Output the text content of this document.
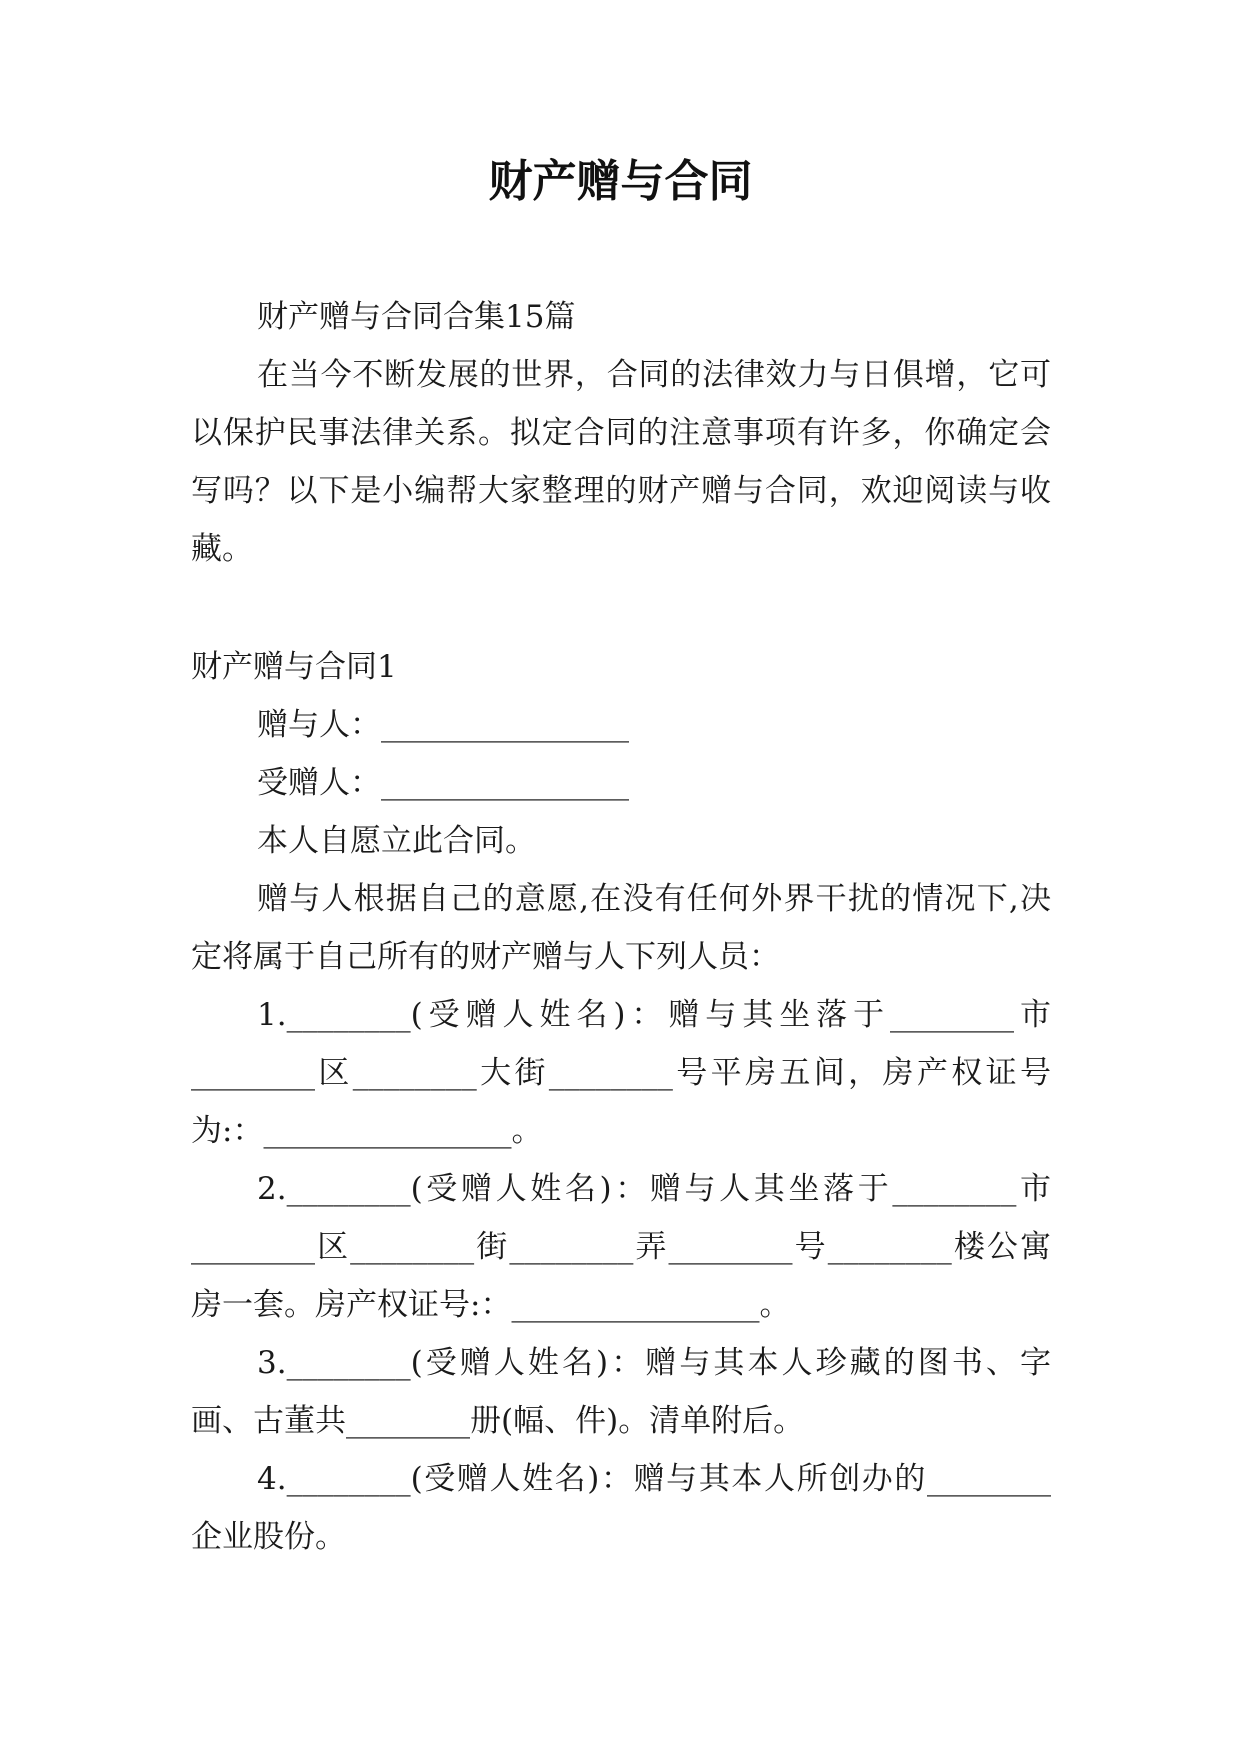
财产赠与合同

财产赠与合同合集15篇

在当今不断发展的世界，合同的法律效力与日俱增，它可以保护民事法律关系。拟定合同的注意事项有许多，你确定会写吗？以下是小编帮大家整理的财产赠与合同，欢迎阅读与收藏。

财产赠与合同1

赠与人：________________

受赠人：________________

本人自愿立此合同。

赠与人根据自己的意愿,在没有任何外界干扰的情况下,决定将属于自己所有的财产赠与人下列人员：

1.________(受赠人姓名)：赠与其坐落于________市________区________大街________号平房五间，房产权证号为:：________________。

2.________(受赠人姓名)：赠与人其坐落于________市________区________街________弄________号________楼公寓房一套。房产权证号:：________________。

3.________(受赠人姓名)：赠与其本人珍藏的图书、字画、古董共________册(幅、件)。清单附后。

4.________(受赠人姓名)：赠与其本人所创办的________企业股份。
